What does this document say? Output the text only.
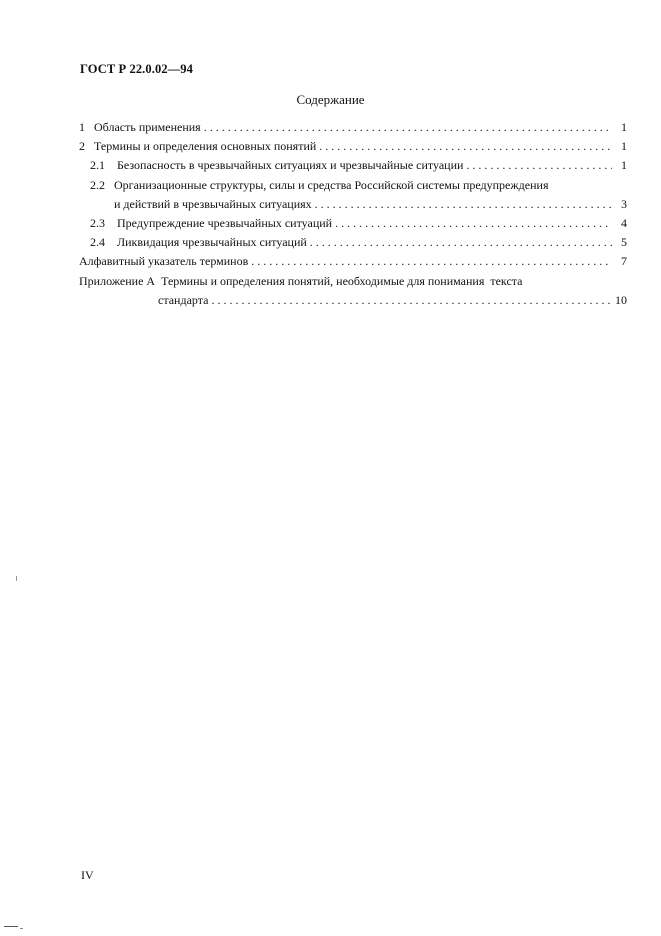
ГОСТ Р 22.0.02—94
Содержание
1 Область применения . . .	1
2 Термины и определения основных понятий . . .	1
2.1 Безопасность в чрезвычайных ситуациях и чрезвычайные ситуации . . .	1
2.2 Организационные структуры, силы и средства Российской системы предупреждения
и действий в чрезвычайных ситуациях . . .	3
2.3 Предупреждение чрезвычайных ситуаций . . .	4
2.4 Ликвидация чрезвычайных ситуаций . . .	5
Алфавитный указатель терминов . . .	7
Приложение А  Термины и определения понятий, необходимые для понимания  текста
стандарта . . .	10
IV
